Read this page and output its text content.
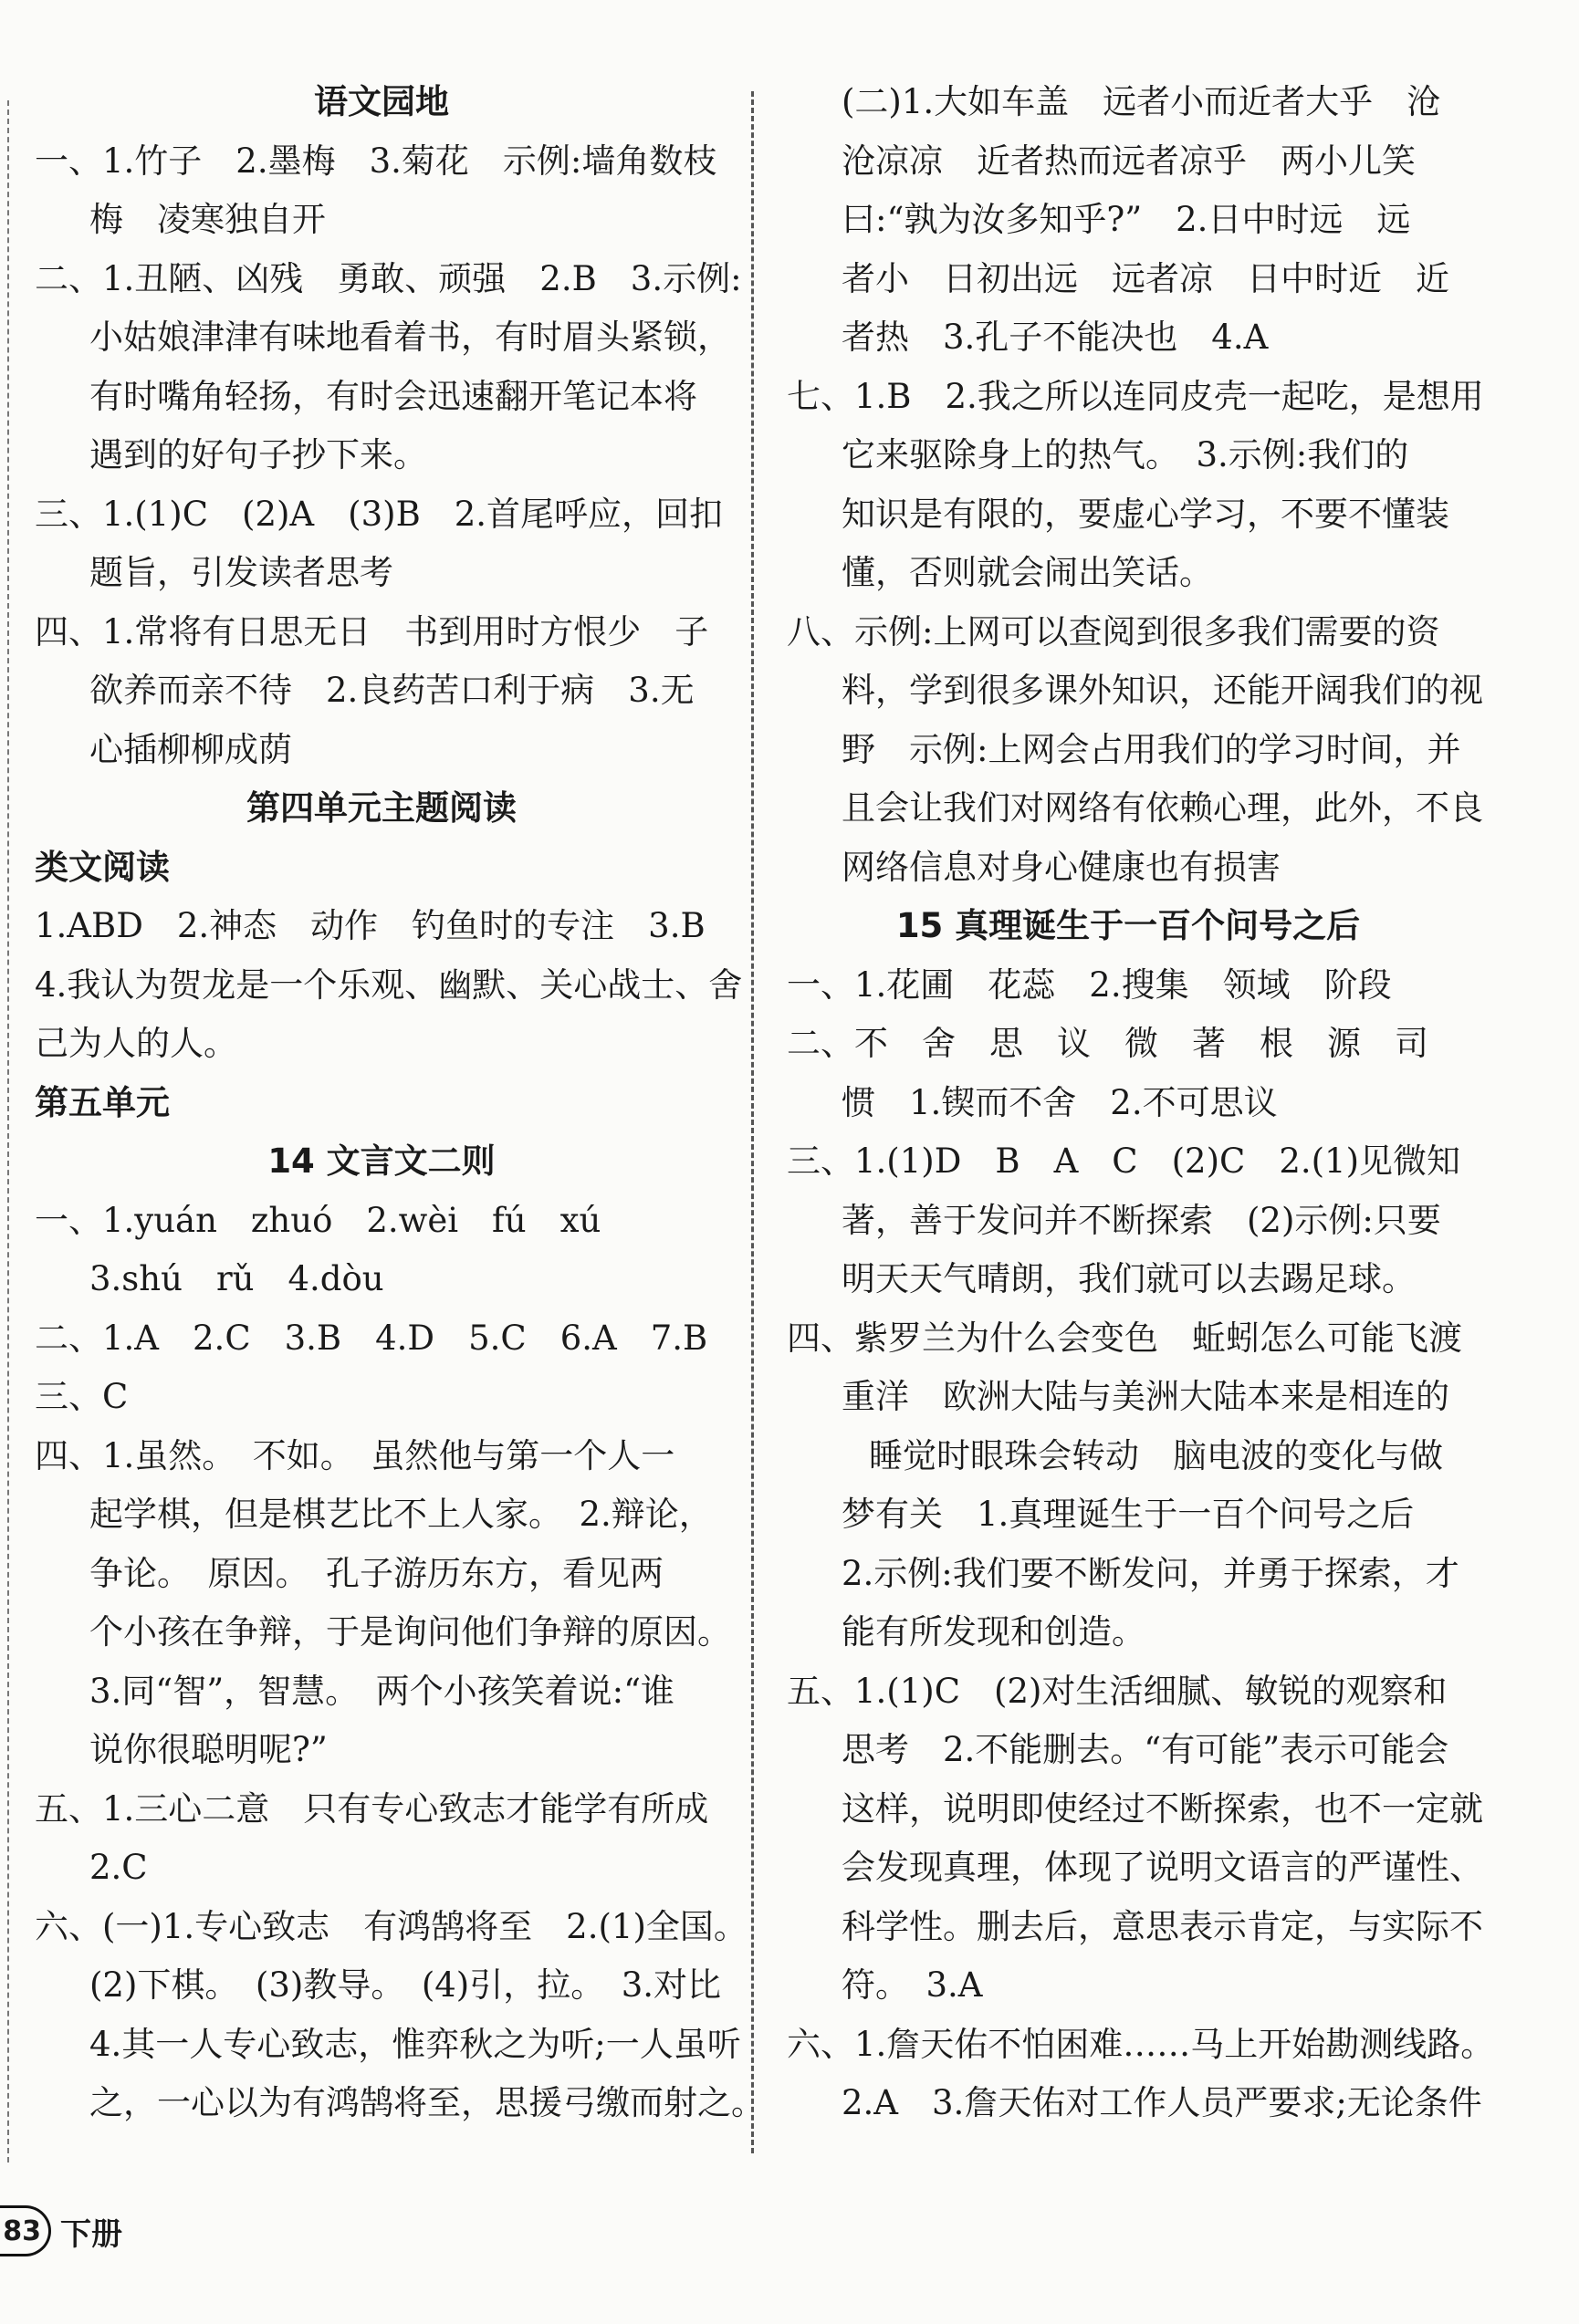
语文园地
一、1.竹子　2.墨梅　3.菊花　示例:墙角数枝
梅　凌寒独自开
二、1.丑陋、凶残　勇敢、顽强　2.B　3.示例:
小姑娘津津有味地看着书，有时眉头紧锁，
有时嘴角轻扬，有时会迅速翻开笔记本将
遇到的好句子抄下来。
三、1.(1)C　(2)A　(3)B　2.首尾呼应，回扣
题旨，引发读者思考
四、1.常将有日思无日　书到用时方恨少　子
欲养而亲不待　2.良药苦口利于病　3.无
心插柳柳成荫
第四单元主题阅读
类文阅读
1.ABD　2.神态　动作　钓鱼时的专注　3.B
4.我认为贺龙是一个乐观、幽默、关心战士、舍
己为人的人。
第五单元
14 文言文二则
一、1.yuán　zhuó　2.wèi　fú　xú
3.shú　rǔ　4.dòu
二、1.A　2.C　3.B　4.D　5.C　6.A　7.B
三、C
四、1.虽然。　不如。　虽然他与第一个人一
起学棋，但是棋艺比不上人家。　2.辩论，
争论。　原因。　孔子游历东方，看见两
个小孩在争辩，于是询问他们争辩的原因。
3.同“智”，智慧。　两个小孩笑着说:“谁
说你很聪明呢?”
五、1.三心二意　只有专心致志才能学有所成
2.C
六、(一)1.专心致志　有鸿鹄将至　2.(1)全国。
(2)下棋。　(3)教导。　(4)引，拉。　3.对比
4.其一人专心致志，惟弈秋之为听;一人虽听
之，一心以为有鸿鹄将至，思援弓缴而射之。
(二)1.大如车盖　远者小而近者大乎　沧
沧凉凉　近者热而远者凉乎　两小儿笑
曰:“孰为汝多知乎?”　2.日中时远　远
者小　日初出远　远者凉　日中时近　近
者热　3.孔子不能决也　4.A
七、1.B　2.我之所以连同皮壳一起吃，是想用
它来驱除身上的热气。　3.示例:我们的
知识是有限的，要虚心学习，不要不懂装
懂，否则就会闹出笑话。
八、示例:上网可以查阅到很多我们需要的资
料，学到很多课外知识，还能开阔我们的视
野　示例:上网会占用我们的学习时间，并
且会让我们对网络有依赖心理，此外，不良
网络信息对身心健康也有损害
15 真理诞生于一百个问号之后
一、1.花圃　花蕊　2.搜集　领域　阶段
二、不　舍　思　议　微　著　根　源　司
惯　1.锲而不舍　2.不可思议
三、1.(1)D　B　A　C　(2)C　2.(1)见微知
著，善于发问并不断探索　(2)示例:只要
明天天气晴朗，我们就可以去踢足球。
四、紫罗兰为什么会变色　蚯蚓怎么可能飞渡
重洋　欧洲大陆与美洲大陆本来是相连的
睡觉时眼珠会转动　脑电波的变化与做
梦有关　1.真理诞生于一百个问号之后
2.示例:我们要不断发问，并勇于探索，才
能有所发现和创造。
五、1.(1)C　(2)对生活细腻、敏锐的观察和
思考　2.不能删去。“有可能”表示可能会
这样，说明即使经过不断探索，也不一定就
会发现真理，体现了说明文语言的严谨性、
科学性。删去后，意思表示肯定，与实际不
符。　3.A
六、1.詹天佑不怕困难……马上开始勘测线路。
2.A　3.詹天佑对工作人员严要求;无论条件
83 下册
